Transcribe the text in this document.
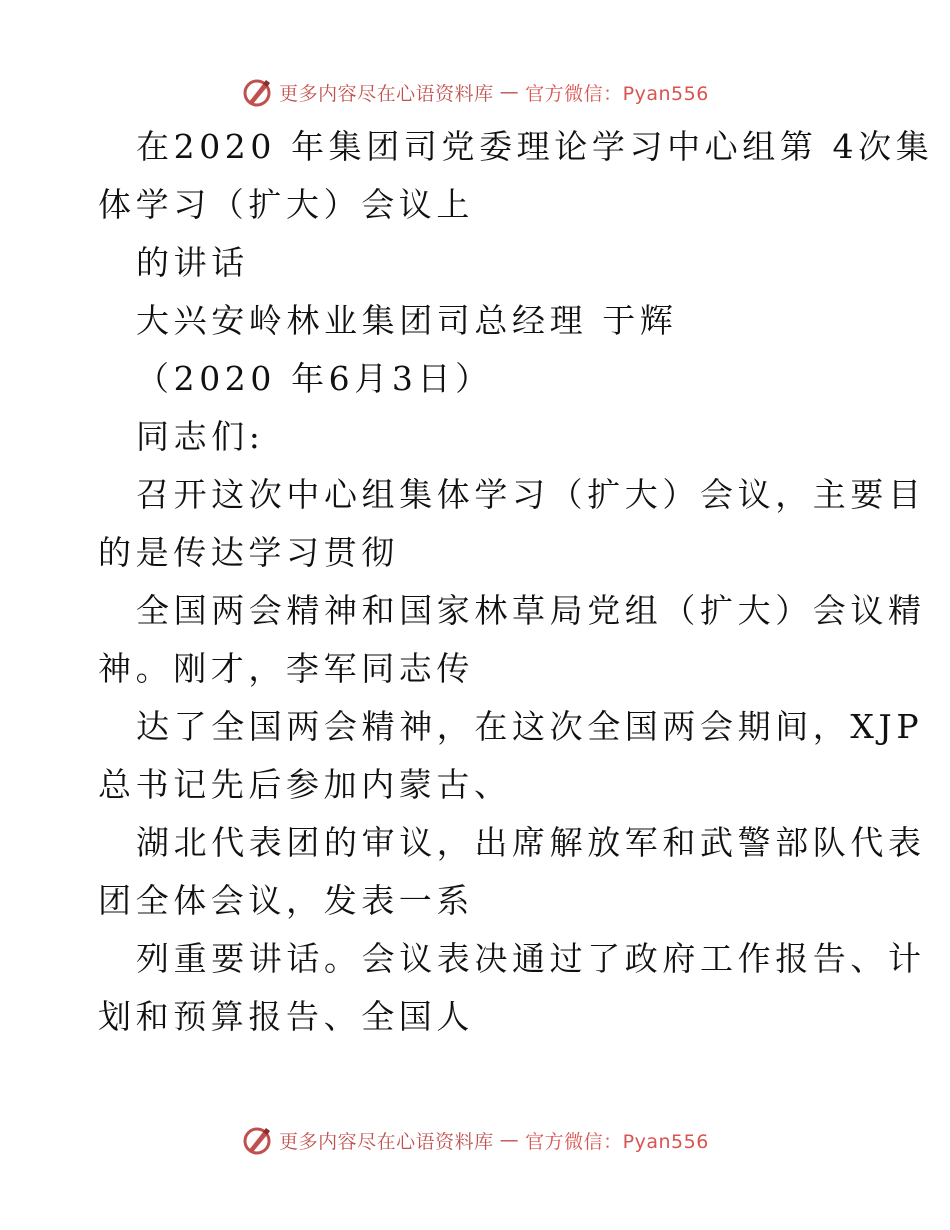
更多内容尽在心语资料库 — 官方微信：Pyan556
在2020 年集团司党委理论学习中心组第 4次集
体学习（扩大）会议上
的讲话
大兴安岭林业集团司总经理 于辉
（2020 年6月3日）
同志们:
召开这次中心组集体学习（扩大）会议，主要目
的是传达学习贯彻
全国两会精神和国家林草局党组（扩大）会议精
神。刚才，李军同志传
达了全国两会精神，在这次全国两会期间，XJP
总书记先后参加内蒙古、
湖北代表团的审议，出席解放军和武警部队代表
团全体会议，发表一系
列重要讲话。会议表决通过了政府工作报告、计
划和预算报告、全国人
更多内容尽在心语资料库 — 官方微信：Pyan556
